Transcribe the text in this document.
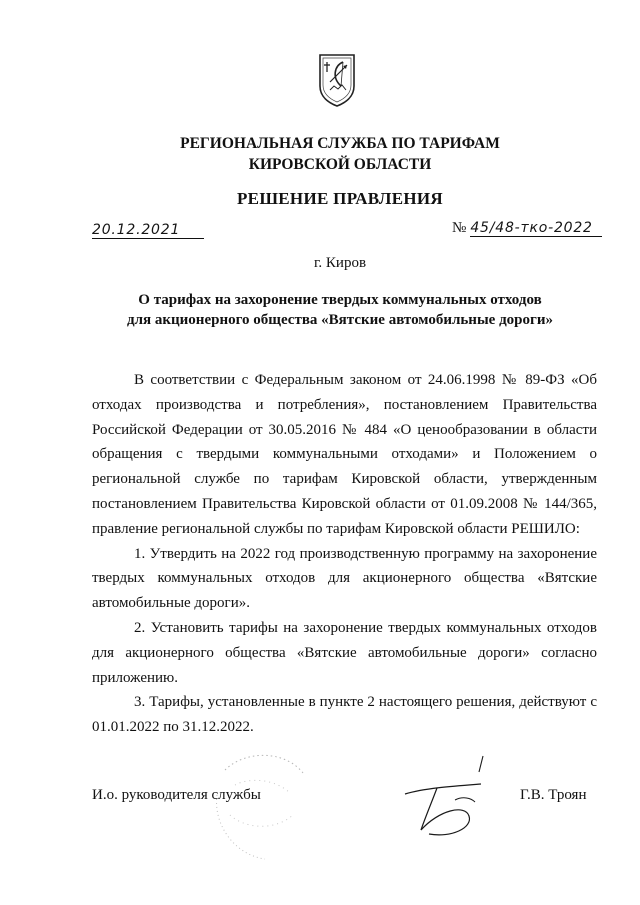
РЕГИОНАЛЬНАЯ СЛУЖБА ПО ТАРИФАМ
КИРОВСКОЙ ОБЛАСТИ
РЕШЕНИЕ ПРАВЛЕНИЯ
20.12.2021	№ 45/48-тко-2022
г. Киров
О тарифах на захоронение твердых коммунальных отходов
для акционерного общества «Вятские автомобильные дороги»

В соответствии с Федеральным законом от 24.06.1998 № 89-ФЗ «Об отходах производства и потребления», постановлением Правительства Российской Федерации от 30.05.2016 № 484 «О ценообразовании в области обращения с твердыми коммунальными отходами» и Положением о региональной службе по тарифам Кировской области, утвержденным постановлением Правительства Кировской области от 01.09.2008 № 144/365, правление региональной службы по тарифам Кировской области РЕШИЛО:

1. Утвердить на 2022 год производственную программу на захоронение твердых коммунальных отходов для акционерного общества «Вятские автомобильные дороги».

2. Установить тарифы на захоронение твердых коммунальных отходов для акционерного общества «Вятские автомобильные дороги» согласно приложению.

3. Тарифы, установленные в пункте 2 настоящего решения, действуют с 01.01.2022 по 31.12.2022.

И.о. руководителя службы	Г.В. Троян
